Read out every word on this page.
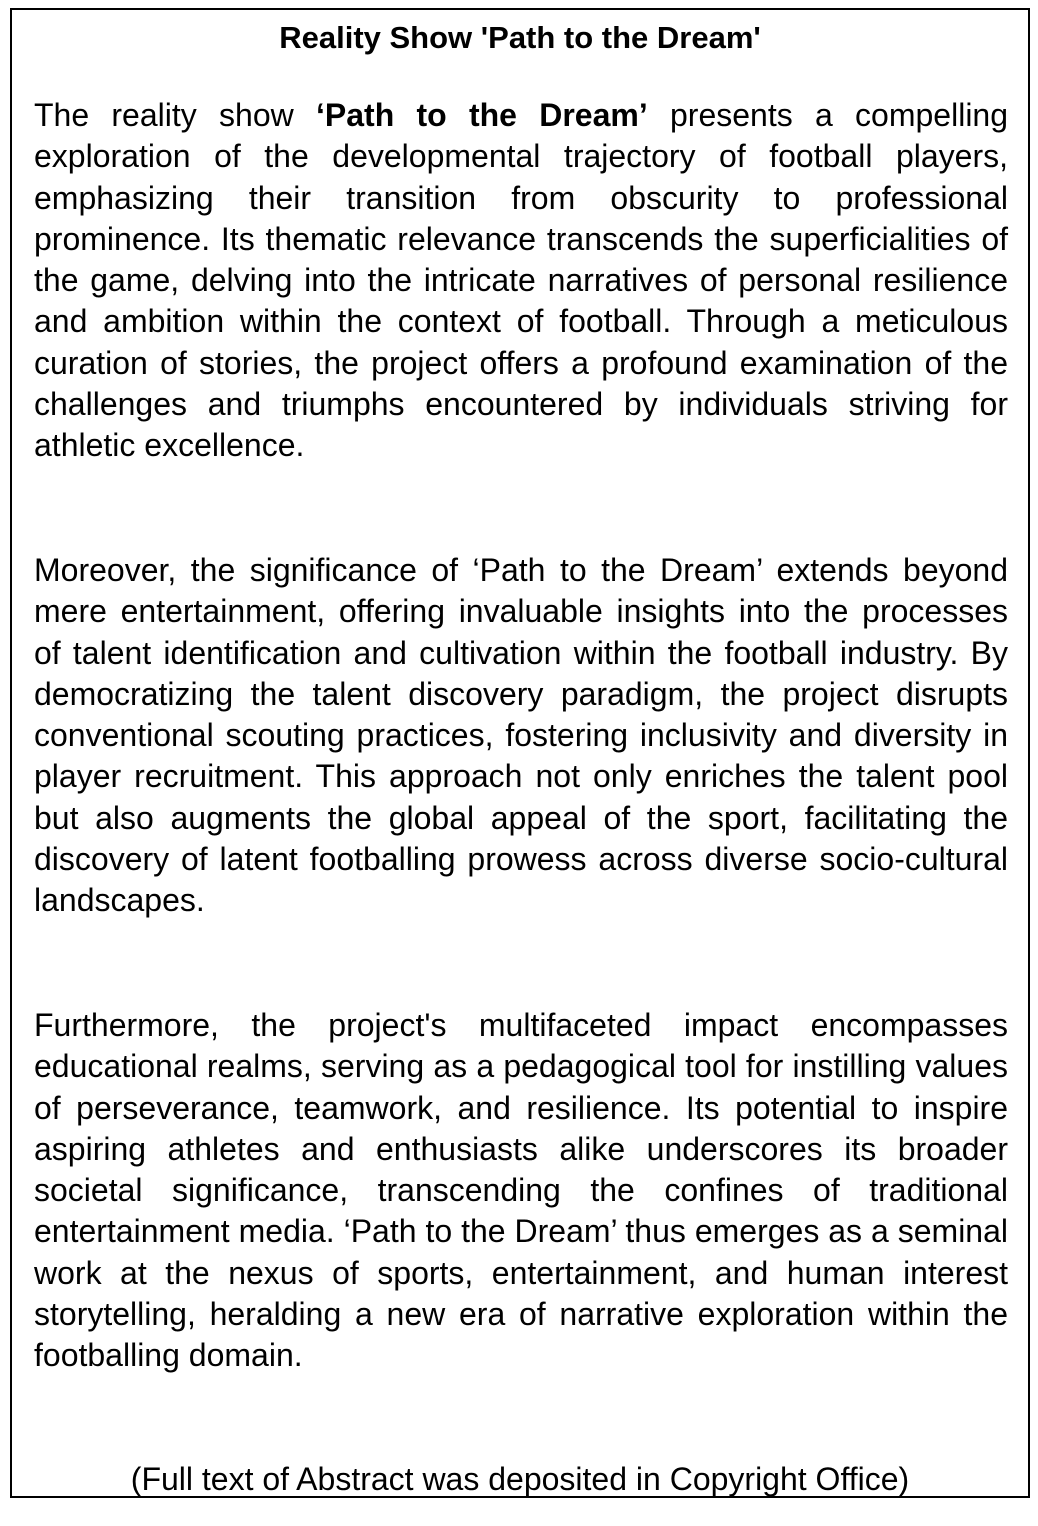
Reality Show 'Path to the Dream'

The reality show ‘Path to the Dream’ presents a compelling exploration of the developmental trajectory of football players, emphasizing their transition from obscurity to professional prominence. Its thematic relevance transcends the superficialities of the game, delving into the intricate narratives of personal resilience and ambition within the context of football. Through a meticulous curation of stories, the project offers a profound examination of the challenges and triumphs encountered by individuals striving for athletic excellence.

Moreover, the significance of ‘Path to the Dream’ extends beyond mere entertainment, offering invaluable insights into the processes of talent identification and cultivation within the football industry. By democratizing the talent discovery paradigm, the project disrupts conventional scouting practices, fostering inclusivity and diversity in player recruitment. This approach not only enriches the talent pool but also augments the global appeal of the sport, facilitating the discovery of latent footballing prowess across diverse socio-cultural landscapes.

Furthermore, the project's multifaceted impact encompasses educational realms, serving as a pedagogical tool for instilling values of perseverance, teamwork, and resilience. Its potential to inspire aspiring athletes and enthusiasts alike underscores its broader societal significance, transcending the confines of traditional entertainment media. ‘Path to the Dream’ thus emerges as a seminal work at the nexus of sports, entertainment, and human interest storytelling, heralding a new era of narrative exploration within the footballing domain.

(Full text of Abstract was deposited in Copyright Office)
